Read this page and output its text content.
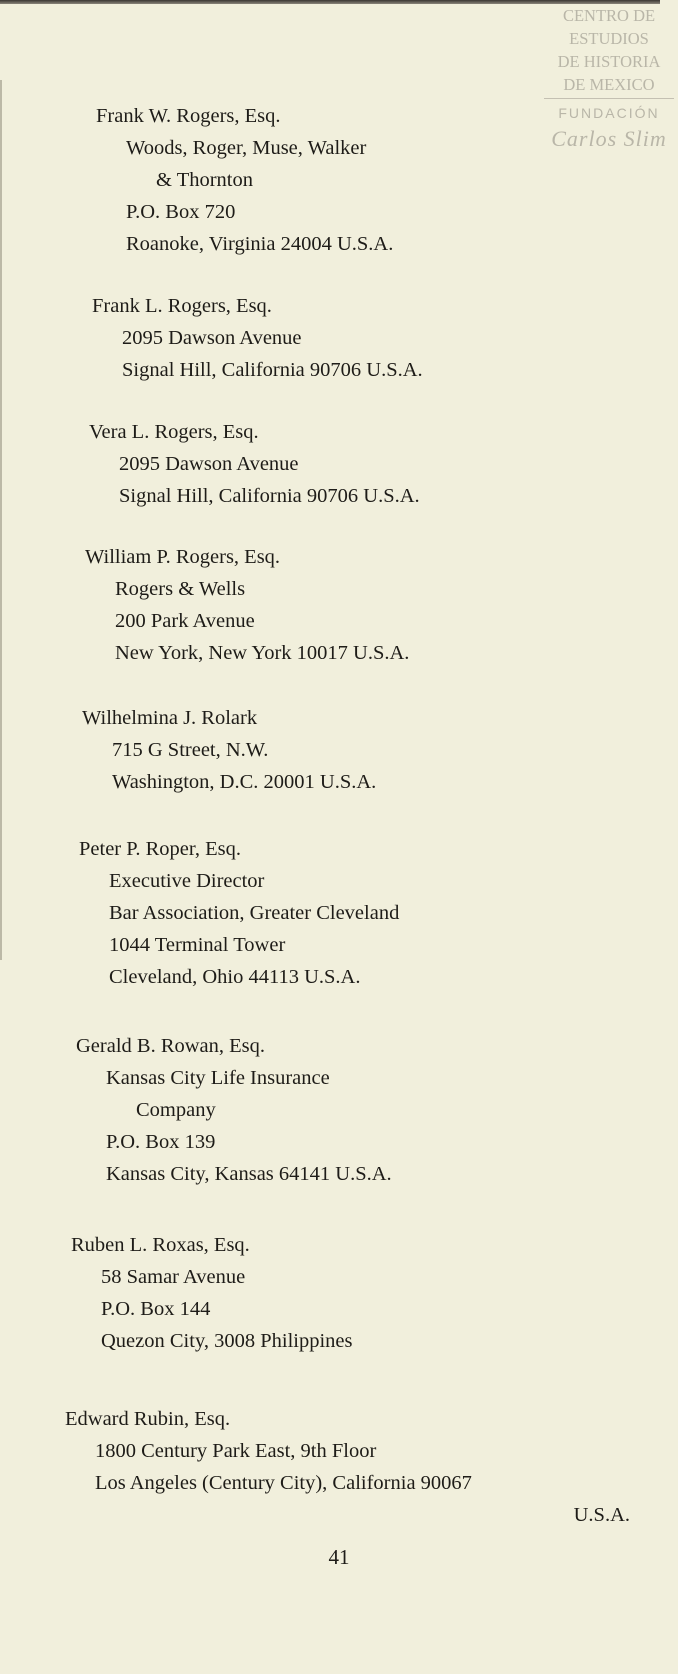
CENTRO DE
ESTUDIOS
DE HISTORIA
DE MEXICO
FUNDACIÓN
Carlos Slim
Frank W. Rogers, Esq.
Woods, Roger, Muse, Walker
& Thornton
P.O. Box 720
Roanoke, Virginia 24004 U.S.A.
Frank L. Rogers, Esq.
2095 Dawson Avenue
Signal Hill, California 90706 U.S.A.
Vera L. Rogers, Esq.
2095 Dawson Avenue
Signal Hill, California 90706 U.S.A.
William P. Rogers, Esq.
Rogers & Wells
200 Park Avenue
New York, New York 10017 U.S.A.
Wilhelmina J. Rolark
715 G Street, N.W.
Washington, D.C. 20001 U.S.A.
Peter P. Roper, Esq.
Executive Director
Bar Association, Greater Cleveland
1044 Terminal Tower
Cleveland, Ohio 44113 U.S.A.
Gerald B. Rowan, Esq.
Kansas City Life Insurance
Company
P.O. Box 139
Kansas City, Kansas 64141 U.S.A.
Ruben L. Roxas, Esq.
58 Samar Avenue
P.O. Box 144
Quezon City, 3008 Philippines
Edward Rubin, Esq.
1800 Century Park East, 9th Floor
Los Angeles (Century City), California 90067
U.S.A.
41
